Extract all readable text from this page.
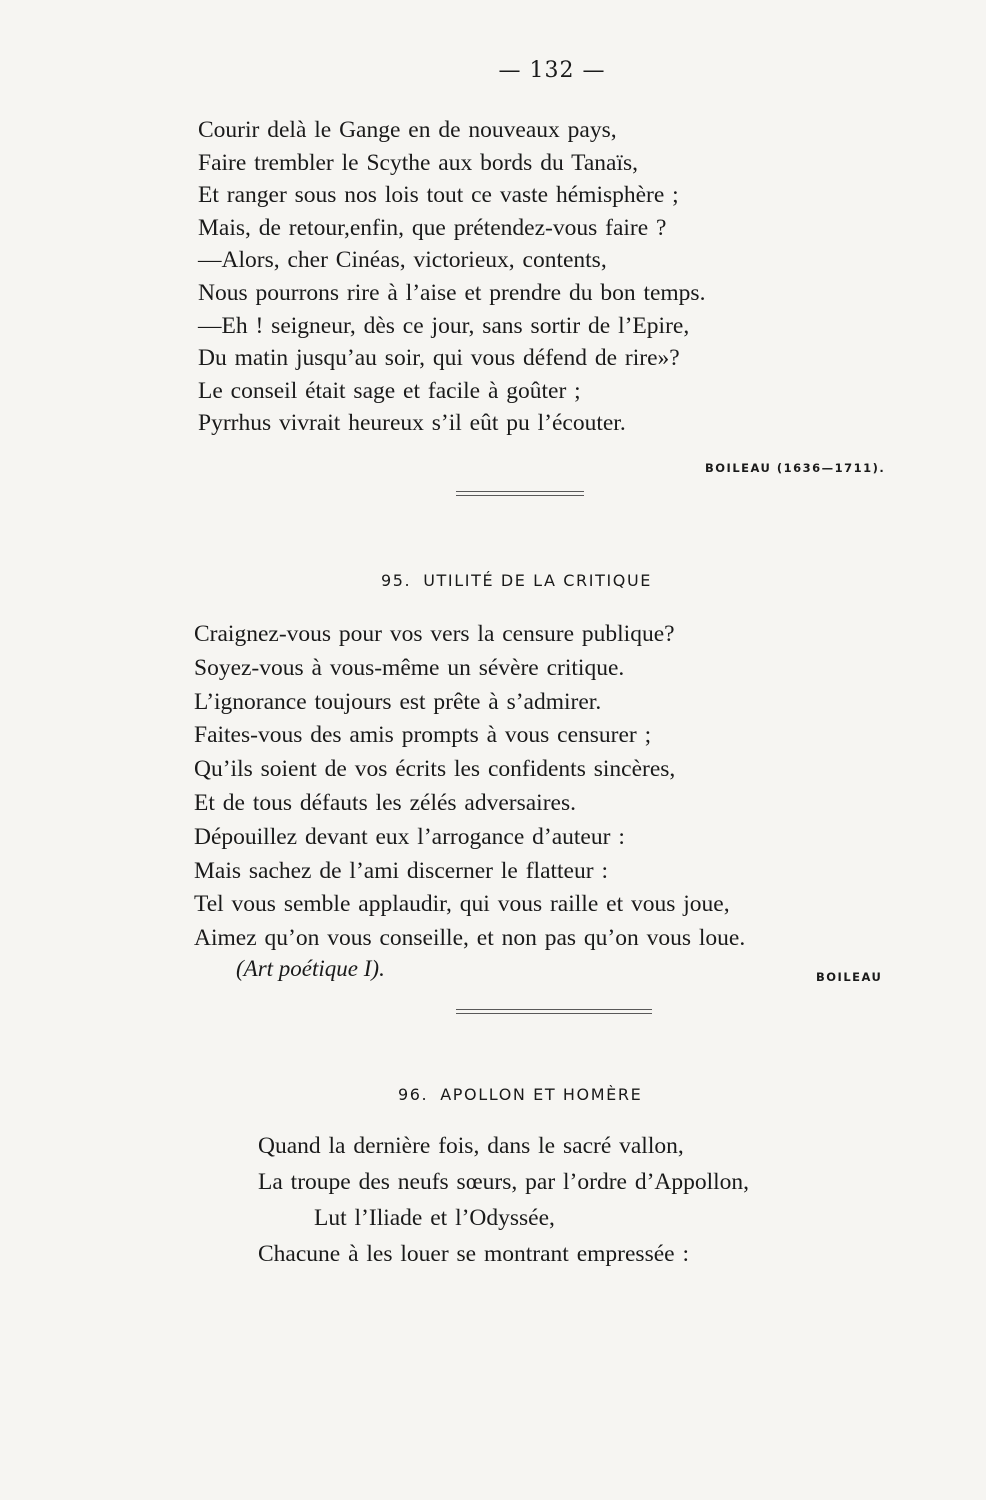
— 132 —
Courir delà le Gange en de nouveaux pays,
Faire trembler le Scythe aux bords du Tanaïs,
Et ranger sous nos lois tout ce vaste hémisphère ;
Mais, de retour,enfin, que prétendez-vous faire ?
—Alors, cher Cinéas, victorieux, contents,
Nous pourrons rire à l’aise et prendre du bon temps.
—Eh ! seigneur, dès ce jour, sans sortir de l’Epire,
Du matin jusqu’au soir, qui vous défend de rire»?
Le conseil était sage et facile à goûter ;
Pyrrhus vivrait heureux s’il eût pu l’écouter.
BOILEAU (1636—1711).
95. UTILITÉ DE LA CRITIQUE
Craignez-vous pour vos vers la censure publique?
Soyez-vous à vous-même un sévère critique.
L’ignorance toujours est prête à s’admirer.
Faites-vous des amis prompts à vous censurer ;
Qu’ils soient de vos écrits les confidents sincères,
Et de tous défauts les zélés adversaires.
Dépouillez devant eux l’arrogance d’auteur :
Mais sachez de l’ami discerner le flatteur :
Tel vous semble applaudir, qui vous raille et vous joue,
Aimez qu’on vous conseille, et non pas qu’on vous loue.
(Art poétique I).	BOILEAU
96. APOLLON ET HOMÈRE
Quand la dernière fois, dans le sacré vallon,
La troupe des neufs sœurs, par l’ordre d’Appollon,
Lut l’Iliade et l’Odyssée,
Chacune à les louer se montrant empressée :
